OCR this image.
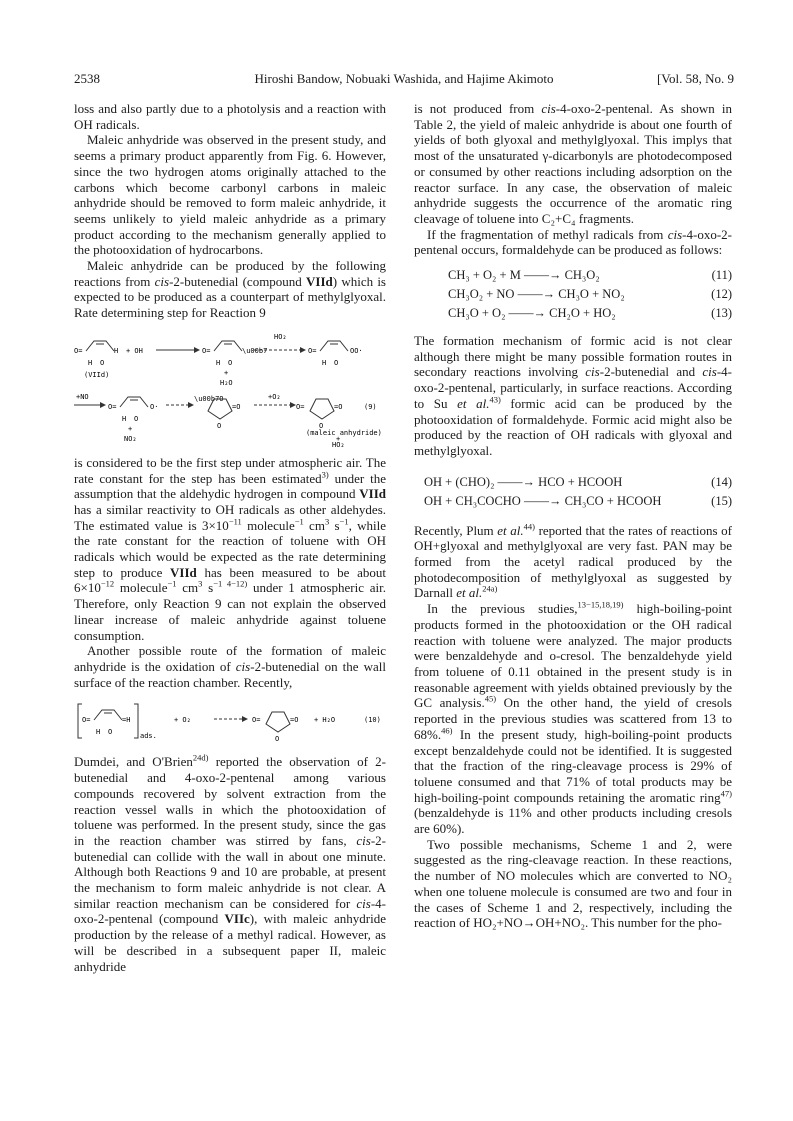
2538	Hiroshi Bandow, Nobuaki Washida, and Hajime Akimoto	[Vol. 58, No. 9

loss and also partly due to a photolysis and a reaction with OH radicals.

Maleic anhydride was observed in the present study, and seems a primary product apparently from Fig. 6. However, since the two hydrogen atoms originally attached to the carbons which become carbonyl carbons in maleic anhydride should be removed to form maleic anhydride, it seems unlikely to yield maleic anhydride as a primary product according to the mechanism generally applied to the photooxidation of hydrocarbons.

Maleic anhydride can be produced by the following reactions from cis-2-butenedial (compound VIId) which is expected to be produced as a counterpart of methylglyoxal. Rate determining step for Reaction 9

O=	H
H O
(VIId)
+ OH	O=	\u00b7
H O
+
H₂O
HO₂
O=	OO·
H O
+NO
O=	O·
H O
+
NO₂
\u00b7O
=O
O
+O₂
O=	=O
O
(9)
(maleic anhydride)
+
HO₂

is considered to be the first step under atmospheric air. The rate constant for the step has been estimated$^{3)}$ under the assumption that the aldehydic hydrogen in compound VIId has a similar reactivity to OH radicals as other aldehydes. The estimated value is $3\times 10^{-11}$ molecule$^{-1}$ $cm^3$ $s^{-1}$, while the rate constant for the reaction of toluene with OH radicals which would be expected as the rate determining step to produce VIId has been measured to be about $6\times 10^{-12}$ molecule$^{-1}$ $cm^3$ $s^{-1 4-12)}$ under 1 atmospheric air. Therefore, only Reaction 9 can not explain the observed linear increase of maleic anhydride against toluene consumption.

Another possible route of the formation of maleic anhydride is the oxidation of cis-2-butenedial on the wall surface of the reaction chamber. Recently,

O=	=H
H O	ads.
+ O₂	O=	=O
O
+ H₂O	(10)

Dumdei, and O'Brien$^{24d)}$ reported the observation of 2-butenedial and 4-oxo-2-pentenal among various compounds recovered by solvent extraction from the reaction vessel walls in which the photooxidation of toluene was performed. In the present study, since the gas in the reaction chamber was stirred by fans, cis-2-butenedial can collide with the wall in about one minute. Although both Reactions 9 and 10 are probable, at present the mechanism to form maleic anhydride is not clear. A similar reaction mechanism can be considered for cis-4-oxo-2-pentenal (compound VIIc), with maleic anhydride production by the release of a methyl radical. However, as will be described in a subsequent paper II, maleic anhydride

is not produced from cis-4-oxo-2-pentenal. As shown in Table 2, the yield of maleic anhydride is about one fourth of yields of both glyoxal and methylglyoxal. This implys that most of the unsaturated γ-dicarbonyls are photodecomposed or consumed by other reactions including adsorption on the reactor surface. In any case, the observation of maleic anhydride suggests the occurrence of the aromatic ring cleavage of toluene into C₂+C₄ fragments.

If the fragmentation of methyl radicals from cis-4-oxo-2-pentenal occurs, formaldehyde can be produced as follows:

CH₃ + O₂ + M ——→ CH₃O₂	(11)
CH₃O₂ + NO ——→ CH₃O + NO₂	(12)
CH₃O + O₂ ——→ CH₂O + HO₂	(13)

The formation mechanism of formic acid is not clear although there might be many possible formation routes in secondary reactions involving cis-2-butenedial and cis-4-oxo-2-pentenal, particularly, in surface reactions. According to Su et al.$^{43)}$ formic acid can be produced by the photooxidation of formaldehyde. Formic acid might also be produced by the reaction of OH radicals with glyoxal and methylglyoxal.

OH + (CHO)₂ ——→ HCO + HCOOH	(14)
OH + CH₃COCHO ——→ CH₃CO + HCOOH	(15)

Recently, Plum et al.$^{44)}$ reported that the rates of reactions of OH+glyoxal and methylglyoxal are very fast. PAN may be formed from the acetyl radical produced by the photodecomposition of methylglyoxal as suggested by Darnall et al.$^{24a)}$

In the previous studies,$^{13-15,18,19)}$ high-boiling-point products formed in the photooxidation or the OH radical reaction with toluene were analyzed. The major products were benzaldehyde and o-cresol. The benzaldehyde yield from toluene of 0.11 obtained in the present study is in reasonable agreement with yields obtained previously by the GC analysis.$^{45)}$ On the other hand, the yield of cresols reported in the previous studies was scattered from 13 to 68%.$^{46)}$ In the present study, high-boiling-point products except benzaldehyde could not be identified. It is suggested that the fraction of the ring-cleavage process is 29% of toluene consumed and that 71% of total products may be high-boiling-point compounds retaining the aromatic ring$^{47)}$ (benzaldehyde is 11% and other products including cresols are 60%).

Two possible mechanisms, Scheme 1 and 2, were suggested as the ring-cleavage reaction. In these reactions, the number of NO molecules which are converted to NO₂ when one toluene molecule is consumed are two and four in the cases of Scheme 1 and 2, respectively, including the reaction of HO₂+NO→OH+NO₂. This number for the pho-
